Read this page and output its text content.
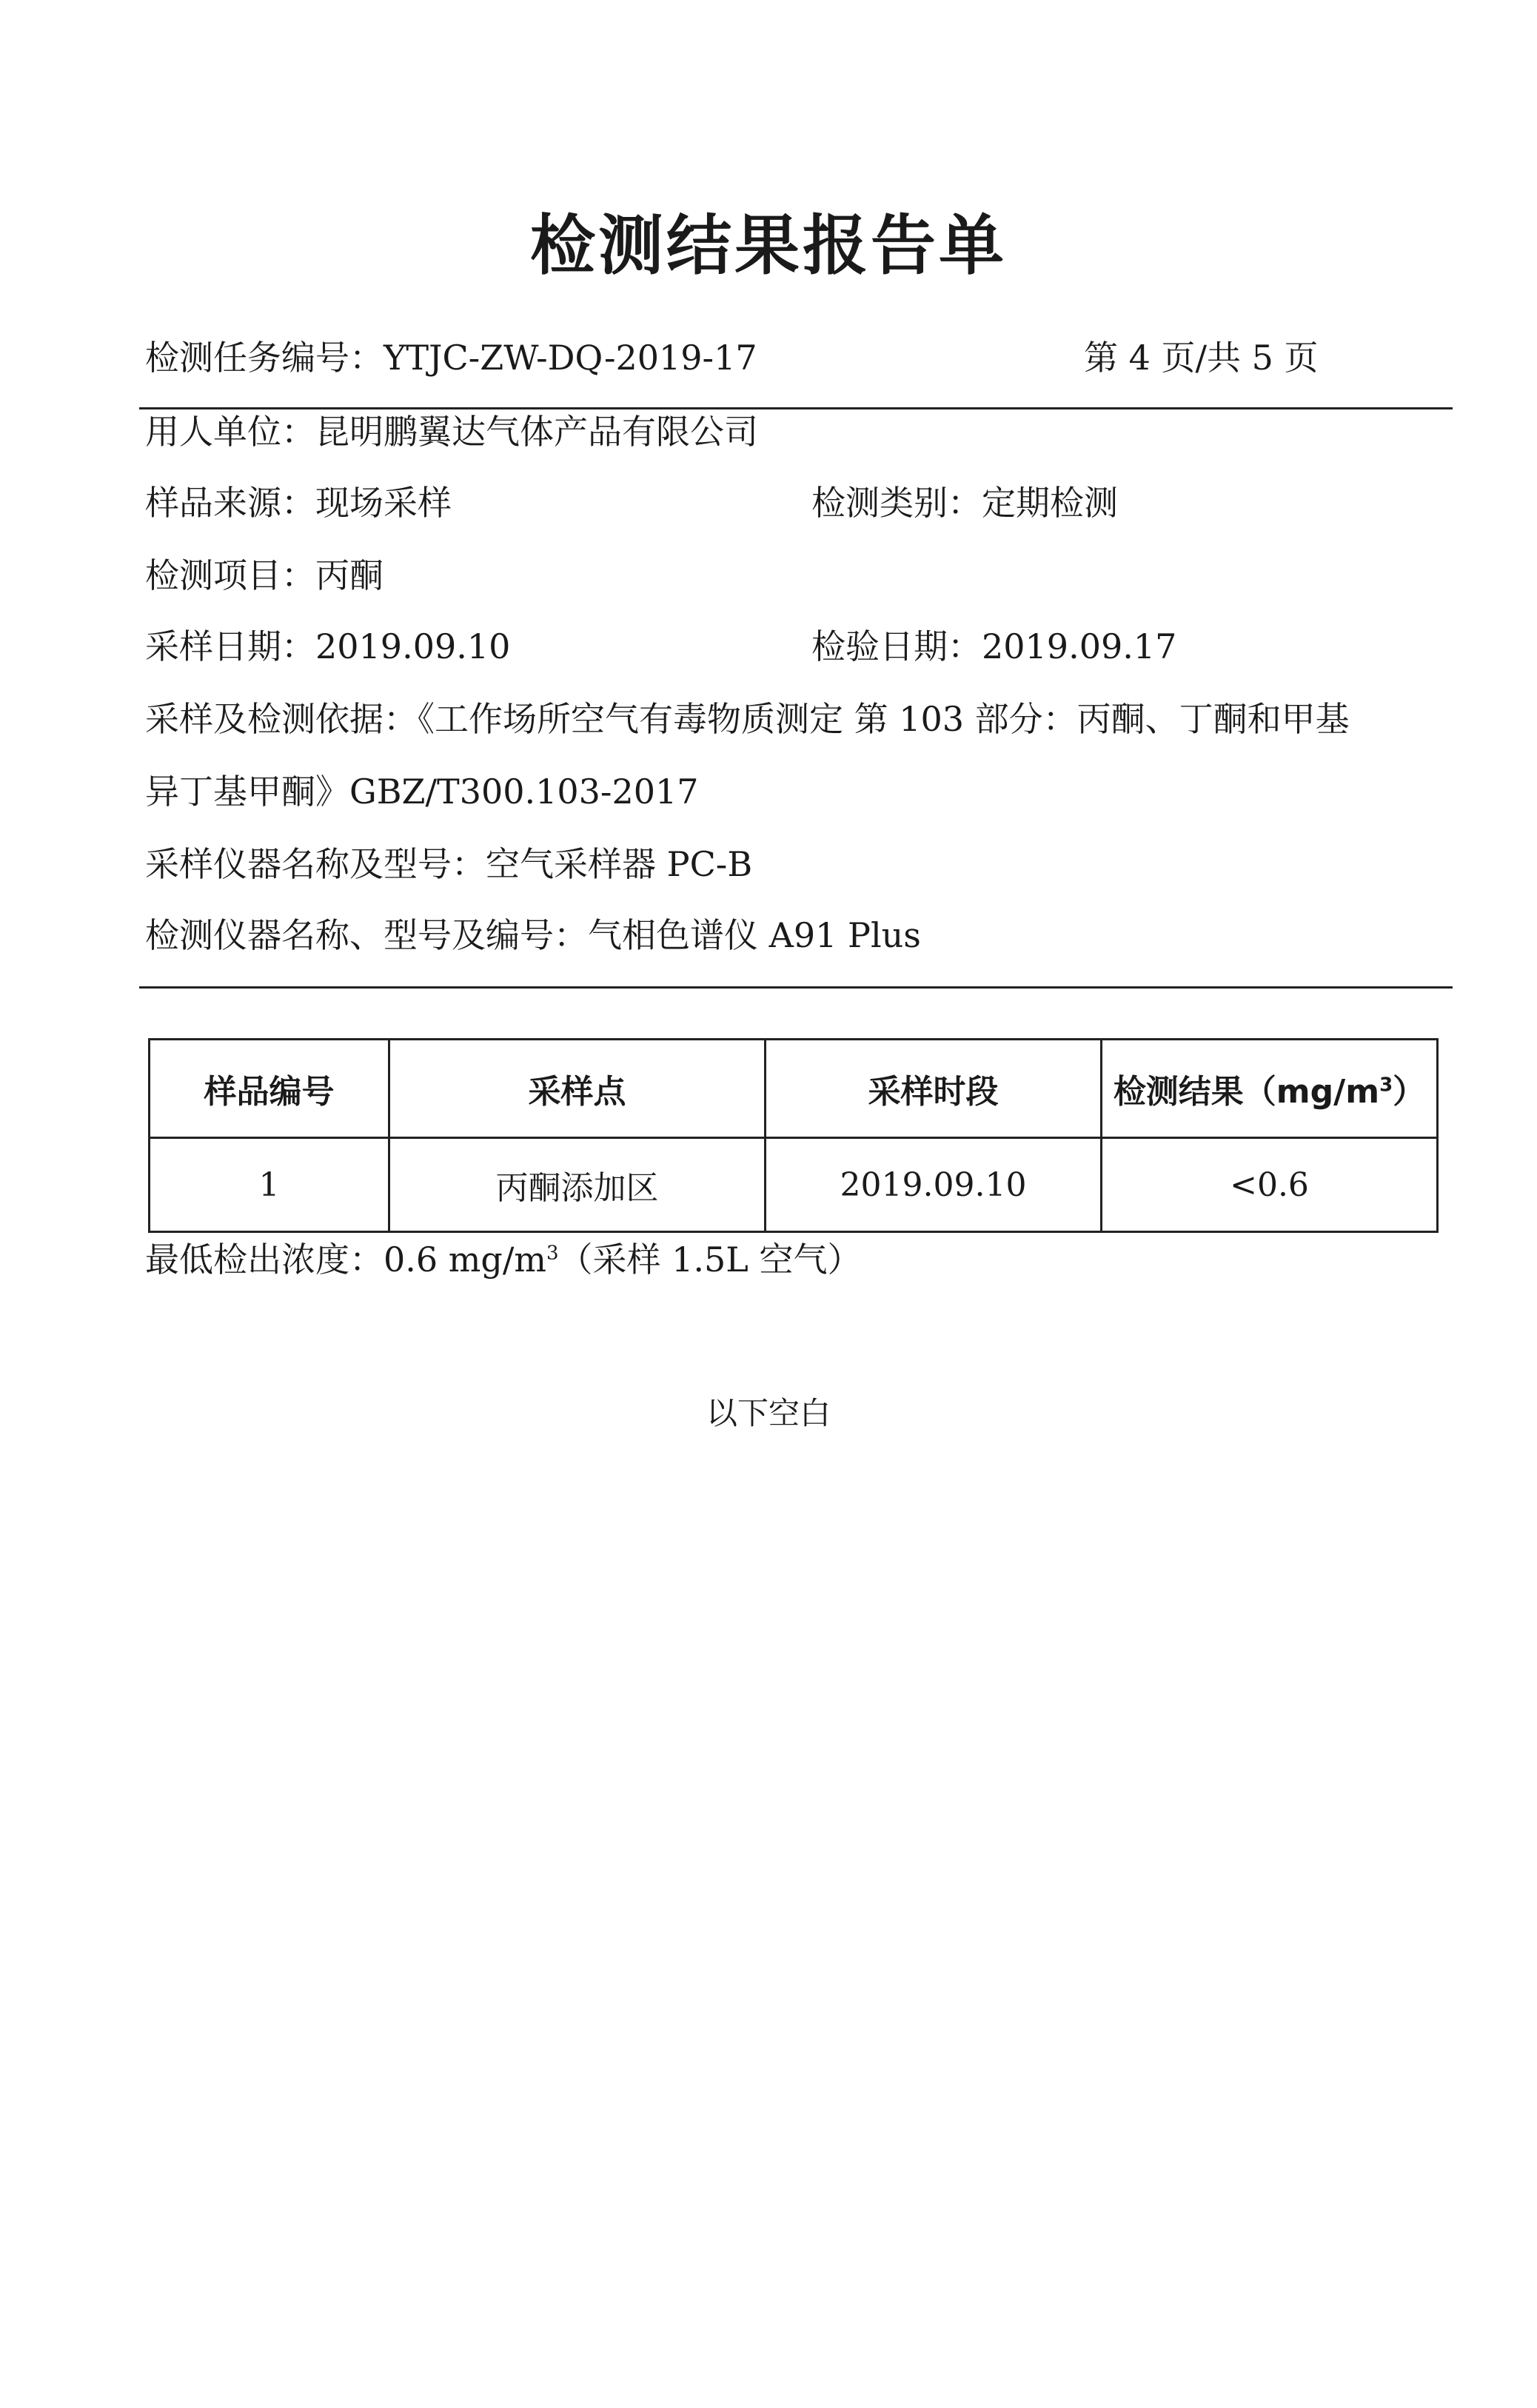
检测结果报告单
检测任务编号：YTJC-ZW-DQ-2019-17	第 4 页/共 5 页
用人单位：昆明鹏翼达气体产品有限公司
样品来源：现场采样	检测类别：定期检测
检测项目：丙酮
采样日期：2019.09.10	检验日期：2019.09.17
采样及检测依据：《工作场所空气有毒物质测定 第 103 部分：丙酮、丁酮和甲基
异丁基甲酮》GBZ/T300.103-2017
采样仪器名称及型号：空气采样器 PC-B
检测仪器名称、型号及编号：气相色谱仪 A91 Plus
样品编号	采样点	采样时段	检测结果$(mg/m^3)$
1	丙酮添加区	2019.09.10	<0.6
最低检出浓度：0.6 $mg/m^3$（采样 1.5L 空气）
以下空白
